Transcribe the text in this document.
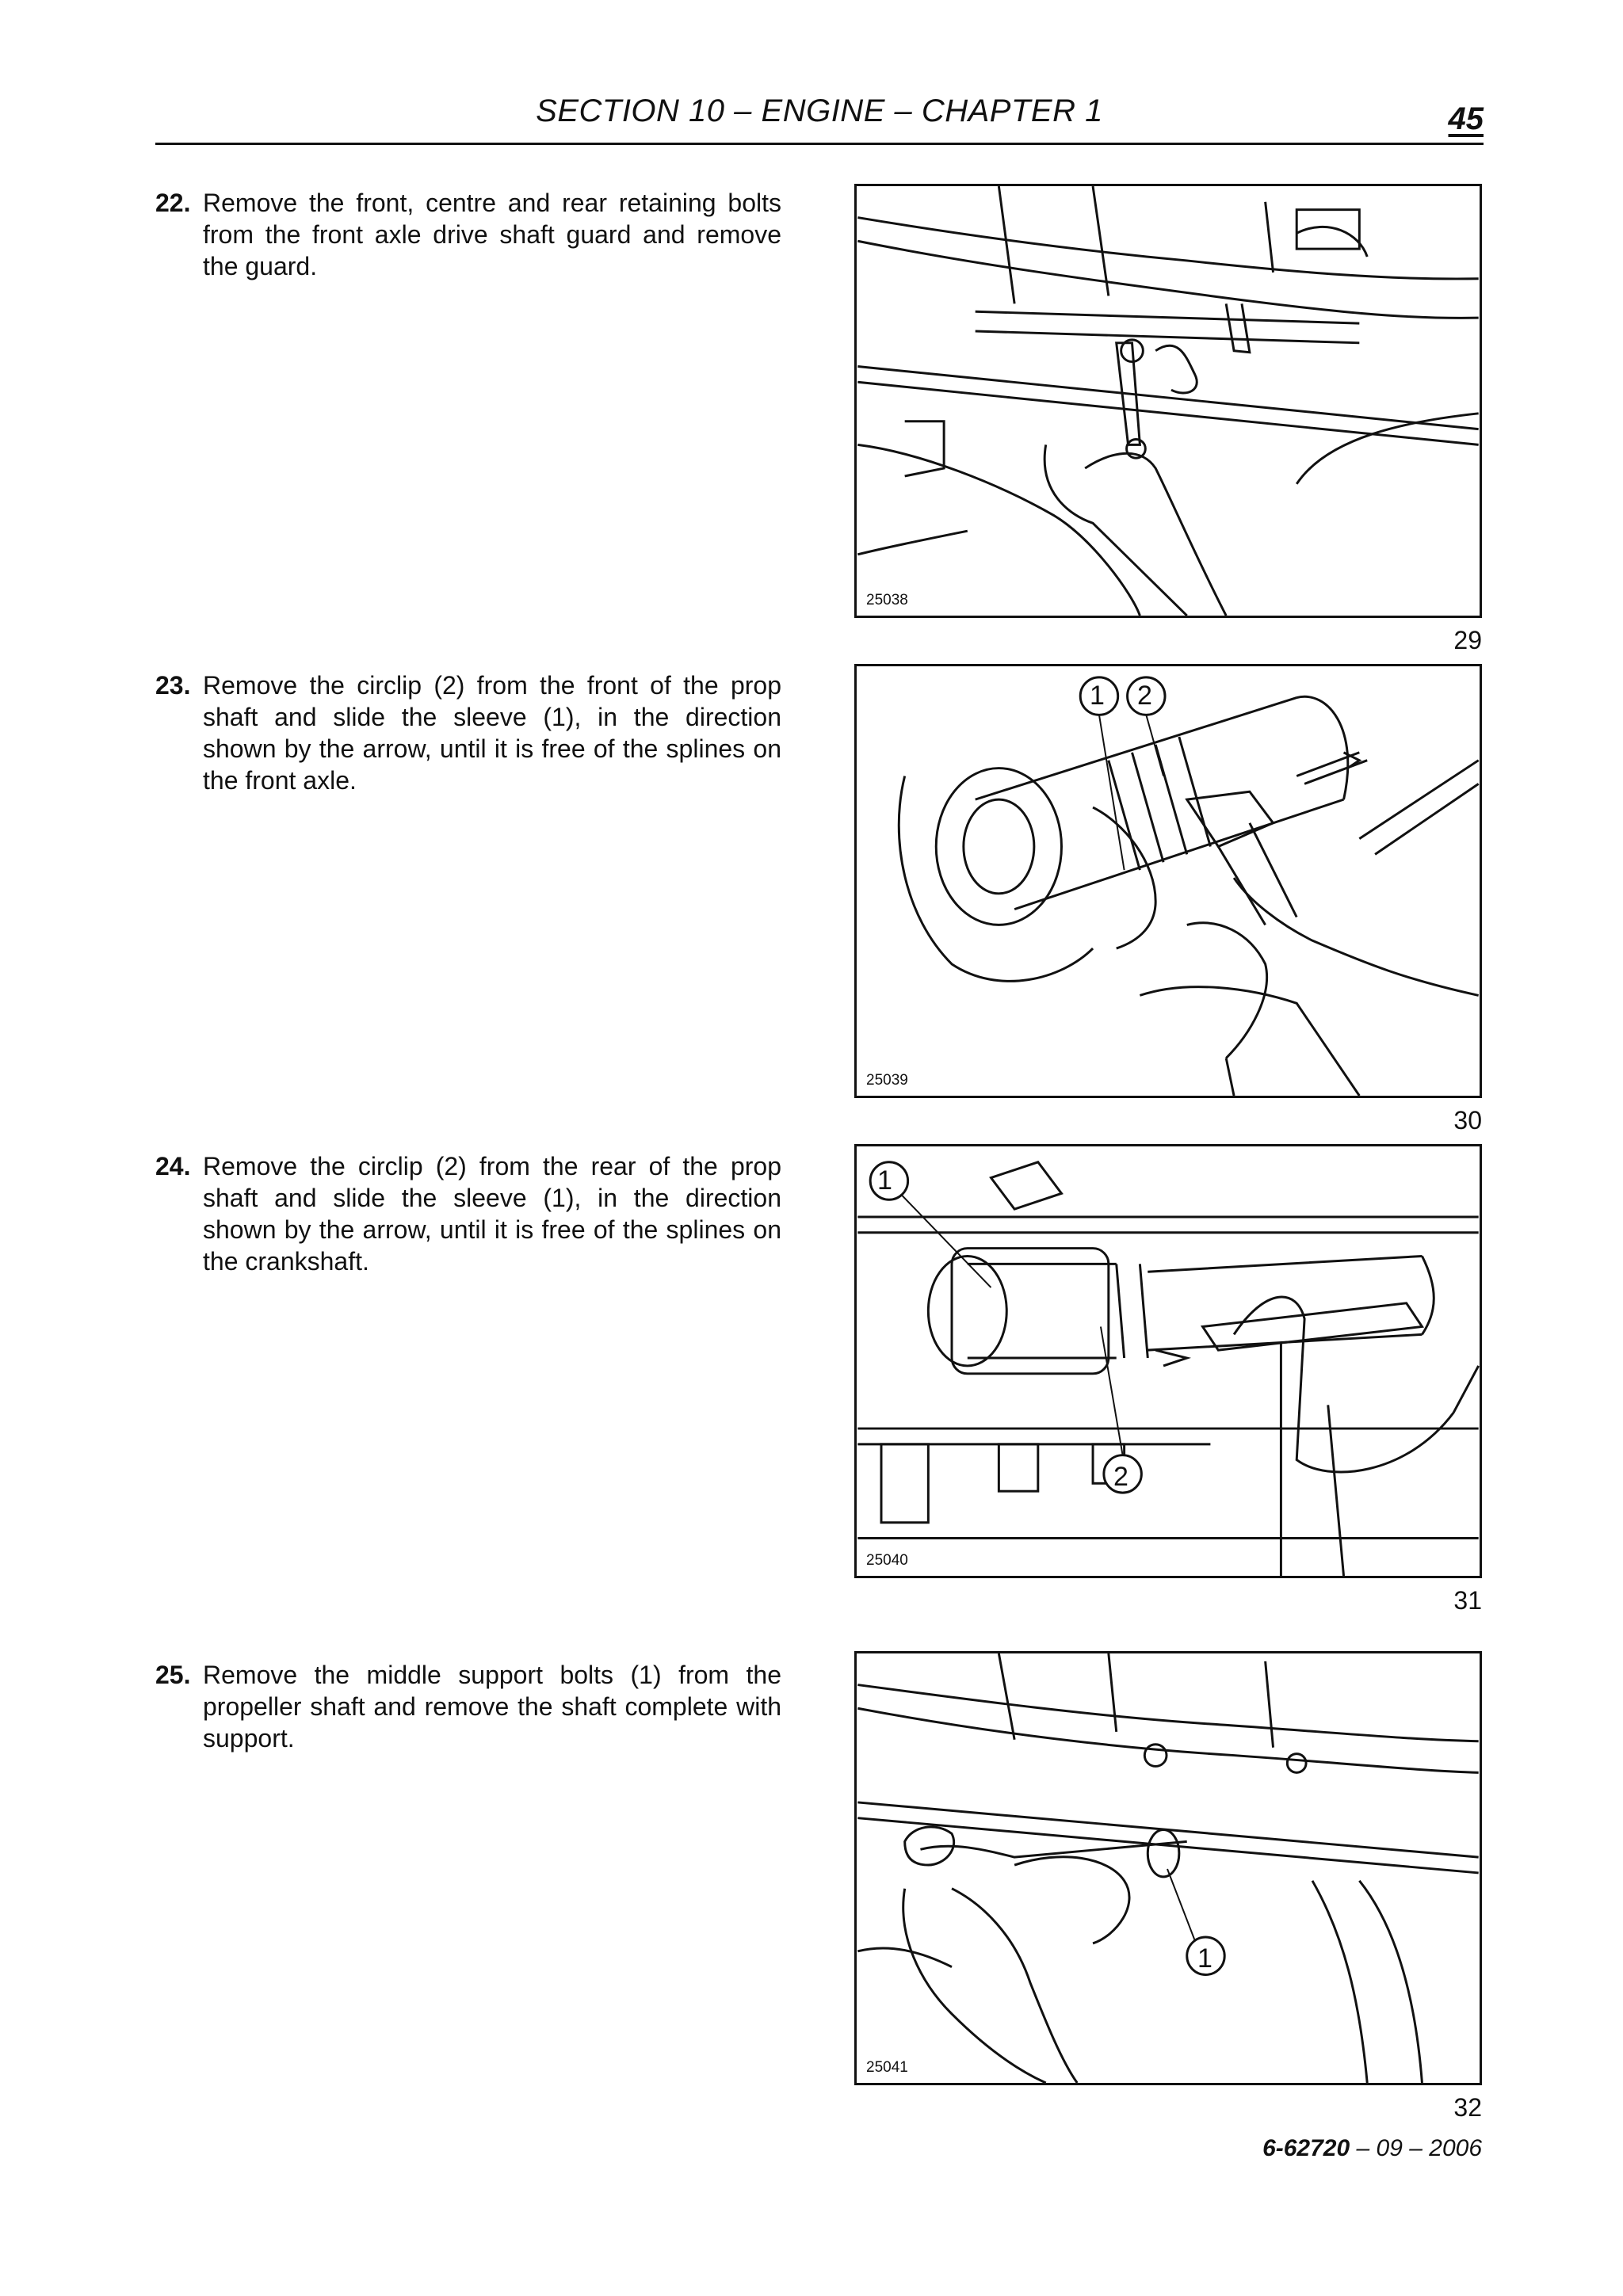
SECTION 10 – ENGINE – CHAPTER 1	45
22. Remove the front, centre and rear retaining bolts from the front axle drive shaft guard and remove the guard.
23. Remove the circlip (2) from the front of the prop shaft and slide the sleeve (1), in the direction shown by the arrow, until it is free of the splines on the front axle.
24. Remove the circlip (2) from the rear of the prop shaft and slide the sleeve (1), in the direction shown by the arrow, until it is free of the splines on the crankshaft.
25. Remove the middle support bolts (1) from the propeller shaft and remove the shaft complete with support.
25038
29
1 2
25039
30
1
2
25040
31
1
25041
32
6-62720 – 09 – 2006
